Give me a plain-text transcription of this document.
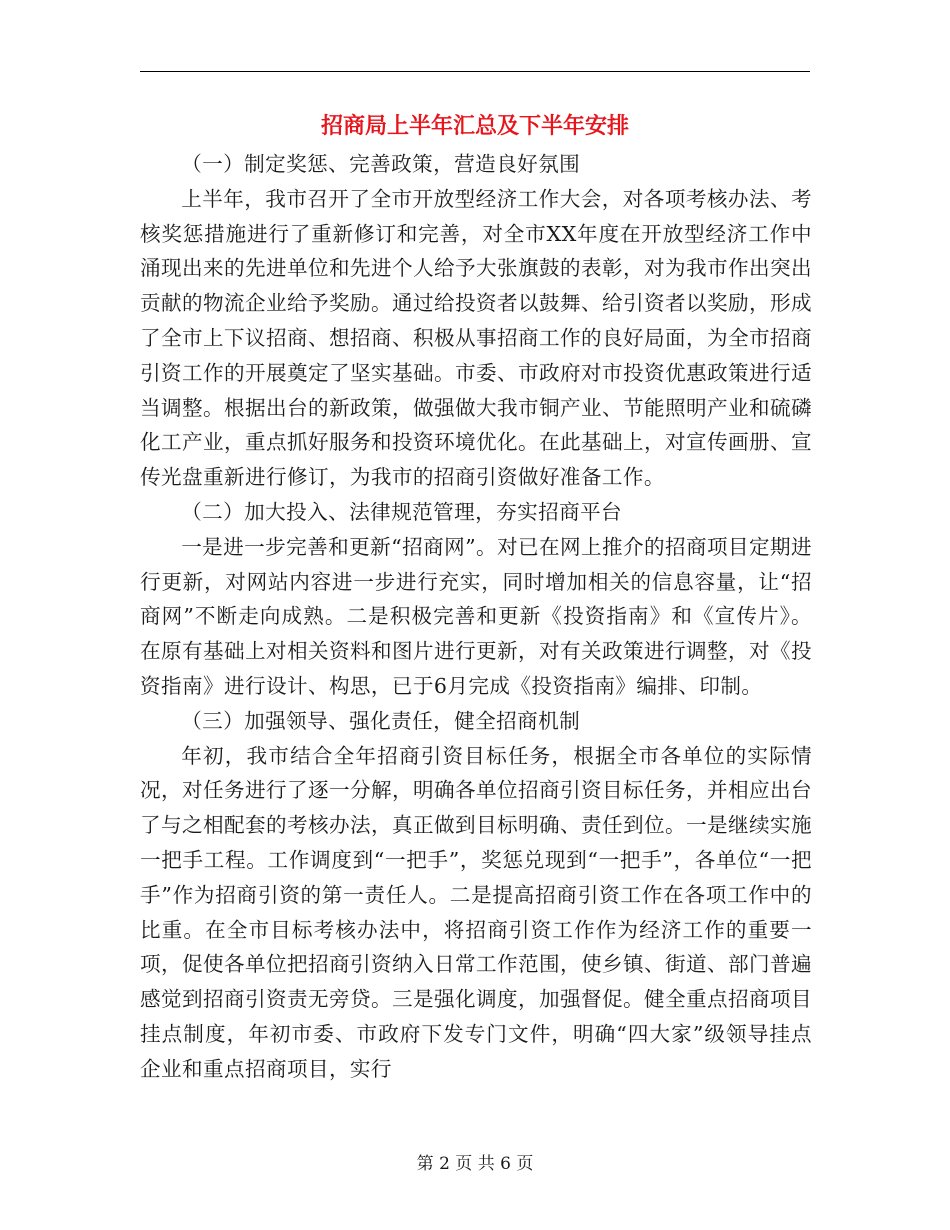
招商局上半年汇总及下半年安排

（一）制定奖惩、完善政策，营造良好氛围

上半年，我市召开了全市开放型经济工作大会，对各项考核办法、考核奖惩措施进行了重新修订和完善，对全市XX年度在开放型经济工作中涌现出来的先进单位和先进个人给予大张旗鼓的表彰，对为我市作出突出贡献的物流企业给予奖励。通过给投资者以鼓舞、给引资者以奖励，形成了全市上下议招商、想招商、积极从事招商工作的良好局面，为全市招商引资工作的开展奠定了坚实基础。市委、市政府对市投资优惠政策进行适当调整。根据出台的新政策，做强做大我市铜产业、节能照明产业和硫磷化工产业，重点抓好服务和投资环境优化。在此基础上，对宣传画册、宣传光盘重新进行修订，为我市的招商引资做好准备工作。

（二）加大投入、法律规范管理，夯实招商平台

一是进一步完善和更新“招商网”。对已在网上推介的招商项目定期进行更新，对网站内容进一步进行充实，同时增加相关的信息容量，让“招商网”不断走向成熟。二是积极完善和更新《投资指南》和《宣传片》。在原有基础上对相关资料和图片进行更新，对有关政策进行调整，对《投资指南》进行设计、构思，已于6月完成《投资指南》编排、印制。

（三）加强领导、强化责任，健全招商机制

年初，我市结合全年招商引资目标任务，根据全市各单位的实际情况，对任务进行了逐一分解，明确各单位招商引资目标任务，并相应出台了与之相配套的考核办法，真正做到目标明确、责任到位。一是继续实施一把手工程。工作调度到“一把手”，奖惩兑现到“一把手”，各单位“一把手”作为招商引资的第一责任人。二是提高招商引资工作在各项工作中的比重。在全市目标考核办法中，将招商引资工作作为经济工作的重要一项，促使各单位把招商引资纳入日常工作范围，使乡镇、街道、部门普遍感觉到招商引资责无旁贷。三是强化调度，加强督促。健全重点招商项目挂点制度，年初市委、市政府下发专门文件，明确“四大家”级领导挂点企业和重点招商项目，实行

第 2 页 共 6 页
